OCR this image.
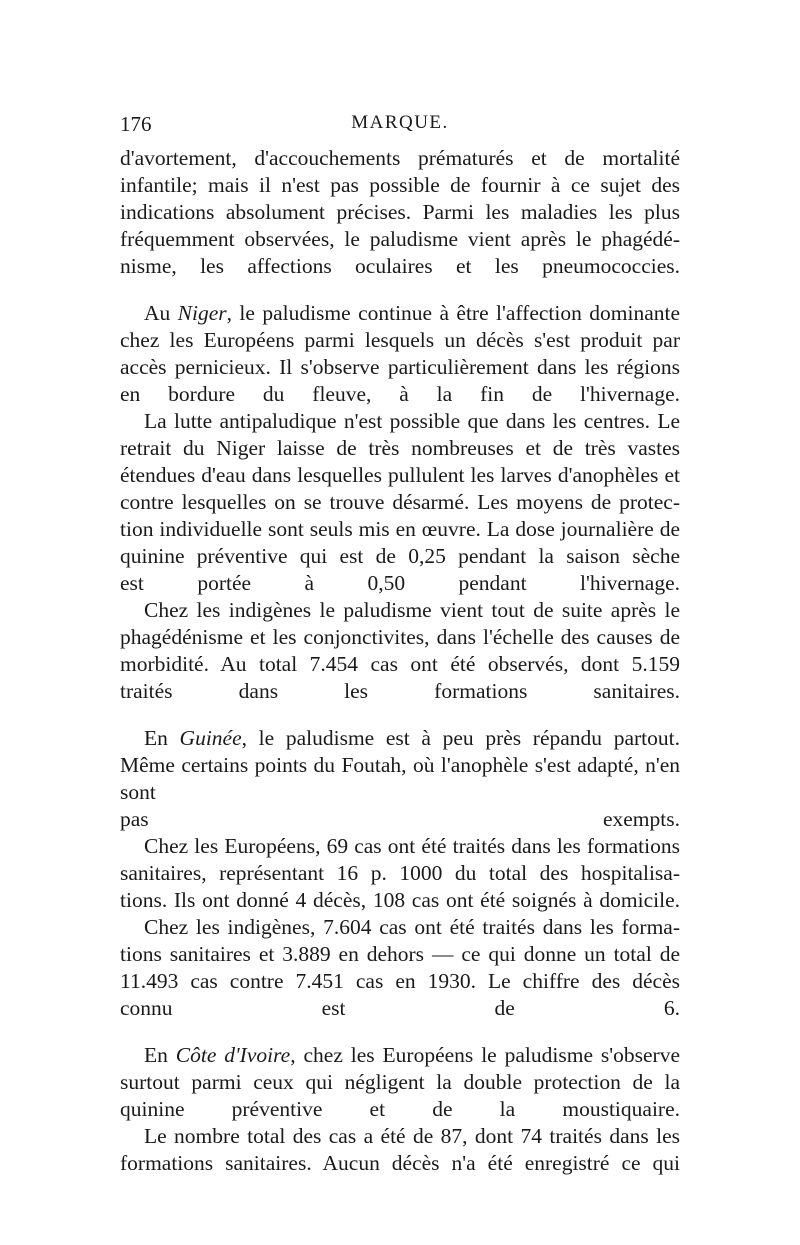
176	MARQUE.

d'avortement, d'accouchements prématurés et de mortalité infantile; mais il n'est pas possible de fournir à ce sujet des indications absolument précises. Parmi les maladies les plus fréquemment observées, le paludisme vient après le phagédé-
nisme, les affections oculaires et les pneumococcies.

Au Niger, le paludisme continue à être l'affection dominante chez les Européens parmi lesquels un décès s'est produit par accès pernicieux. Il s'observe particulièrement dans les régions
en bordure du fleuve, à la fin de l'hivernage.

La lutte antipaludique n'est possible que dans les centres. Le retrait du Niger laisse de très nombreuses et de très vastes étendues d'eau dans lesquelles pullulent les larves d'anophèles et contre lesquelles on se trouve désarmé. Les moyens de protec- tion individuelle sont seuls mis en œuvre. La dose journalière de quinine préventive qui est de 0,25 pendant la saison sèche
est portée à 0,50 pendant l'hivernage.

Chez les indigènes le paludisme vient tout de suite après le phagédénisme et les conjonctivites, dans l'échelle des causes de morbidité. Au total 7.454 cas ont été observés, dont 5.159
traités dans les formations sanitaires.

En Guinée, le paludisme est à peu près répandu partout. Même certains points du Foutah, où l'anophèle s'est adapté, n'en sont
pas exempts.

Chez les Européens, 69 cas ont été traités dans les formations sanitaires, représentant 16 p. 1000 du total des hospitalisa-
tions. Ils ont donné 4 décès, 108 cas ont été soignés à domicile.

Chez les indigènes, 7.604 cas ont été traités dans les forma- tions sanitaires et 3.889 en dehors — ce qui donne un total de 11.493 cas contre 7.451 cas en 1930. Le chiffre des décès
connu est de 6.

En Côte d'Ivoire, chez les Européens le paludisme s'observe surtout parmi ceux qui négligent la double protection de la
quinine préventive et de la moustiquaire.

Le nombre total des cas a été de 87, dont 74 traités dans les formations sanitaires. Aucun décès n'a été enregistré ce qui
